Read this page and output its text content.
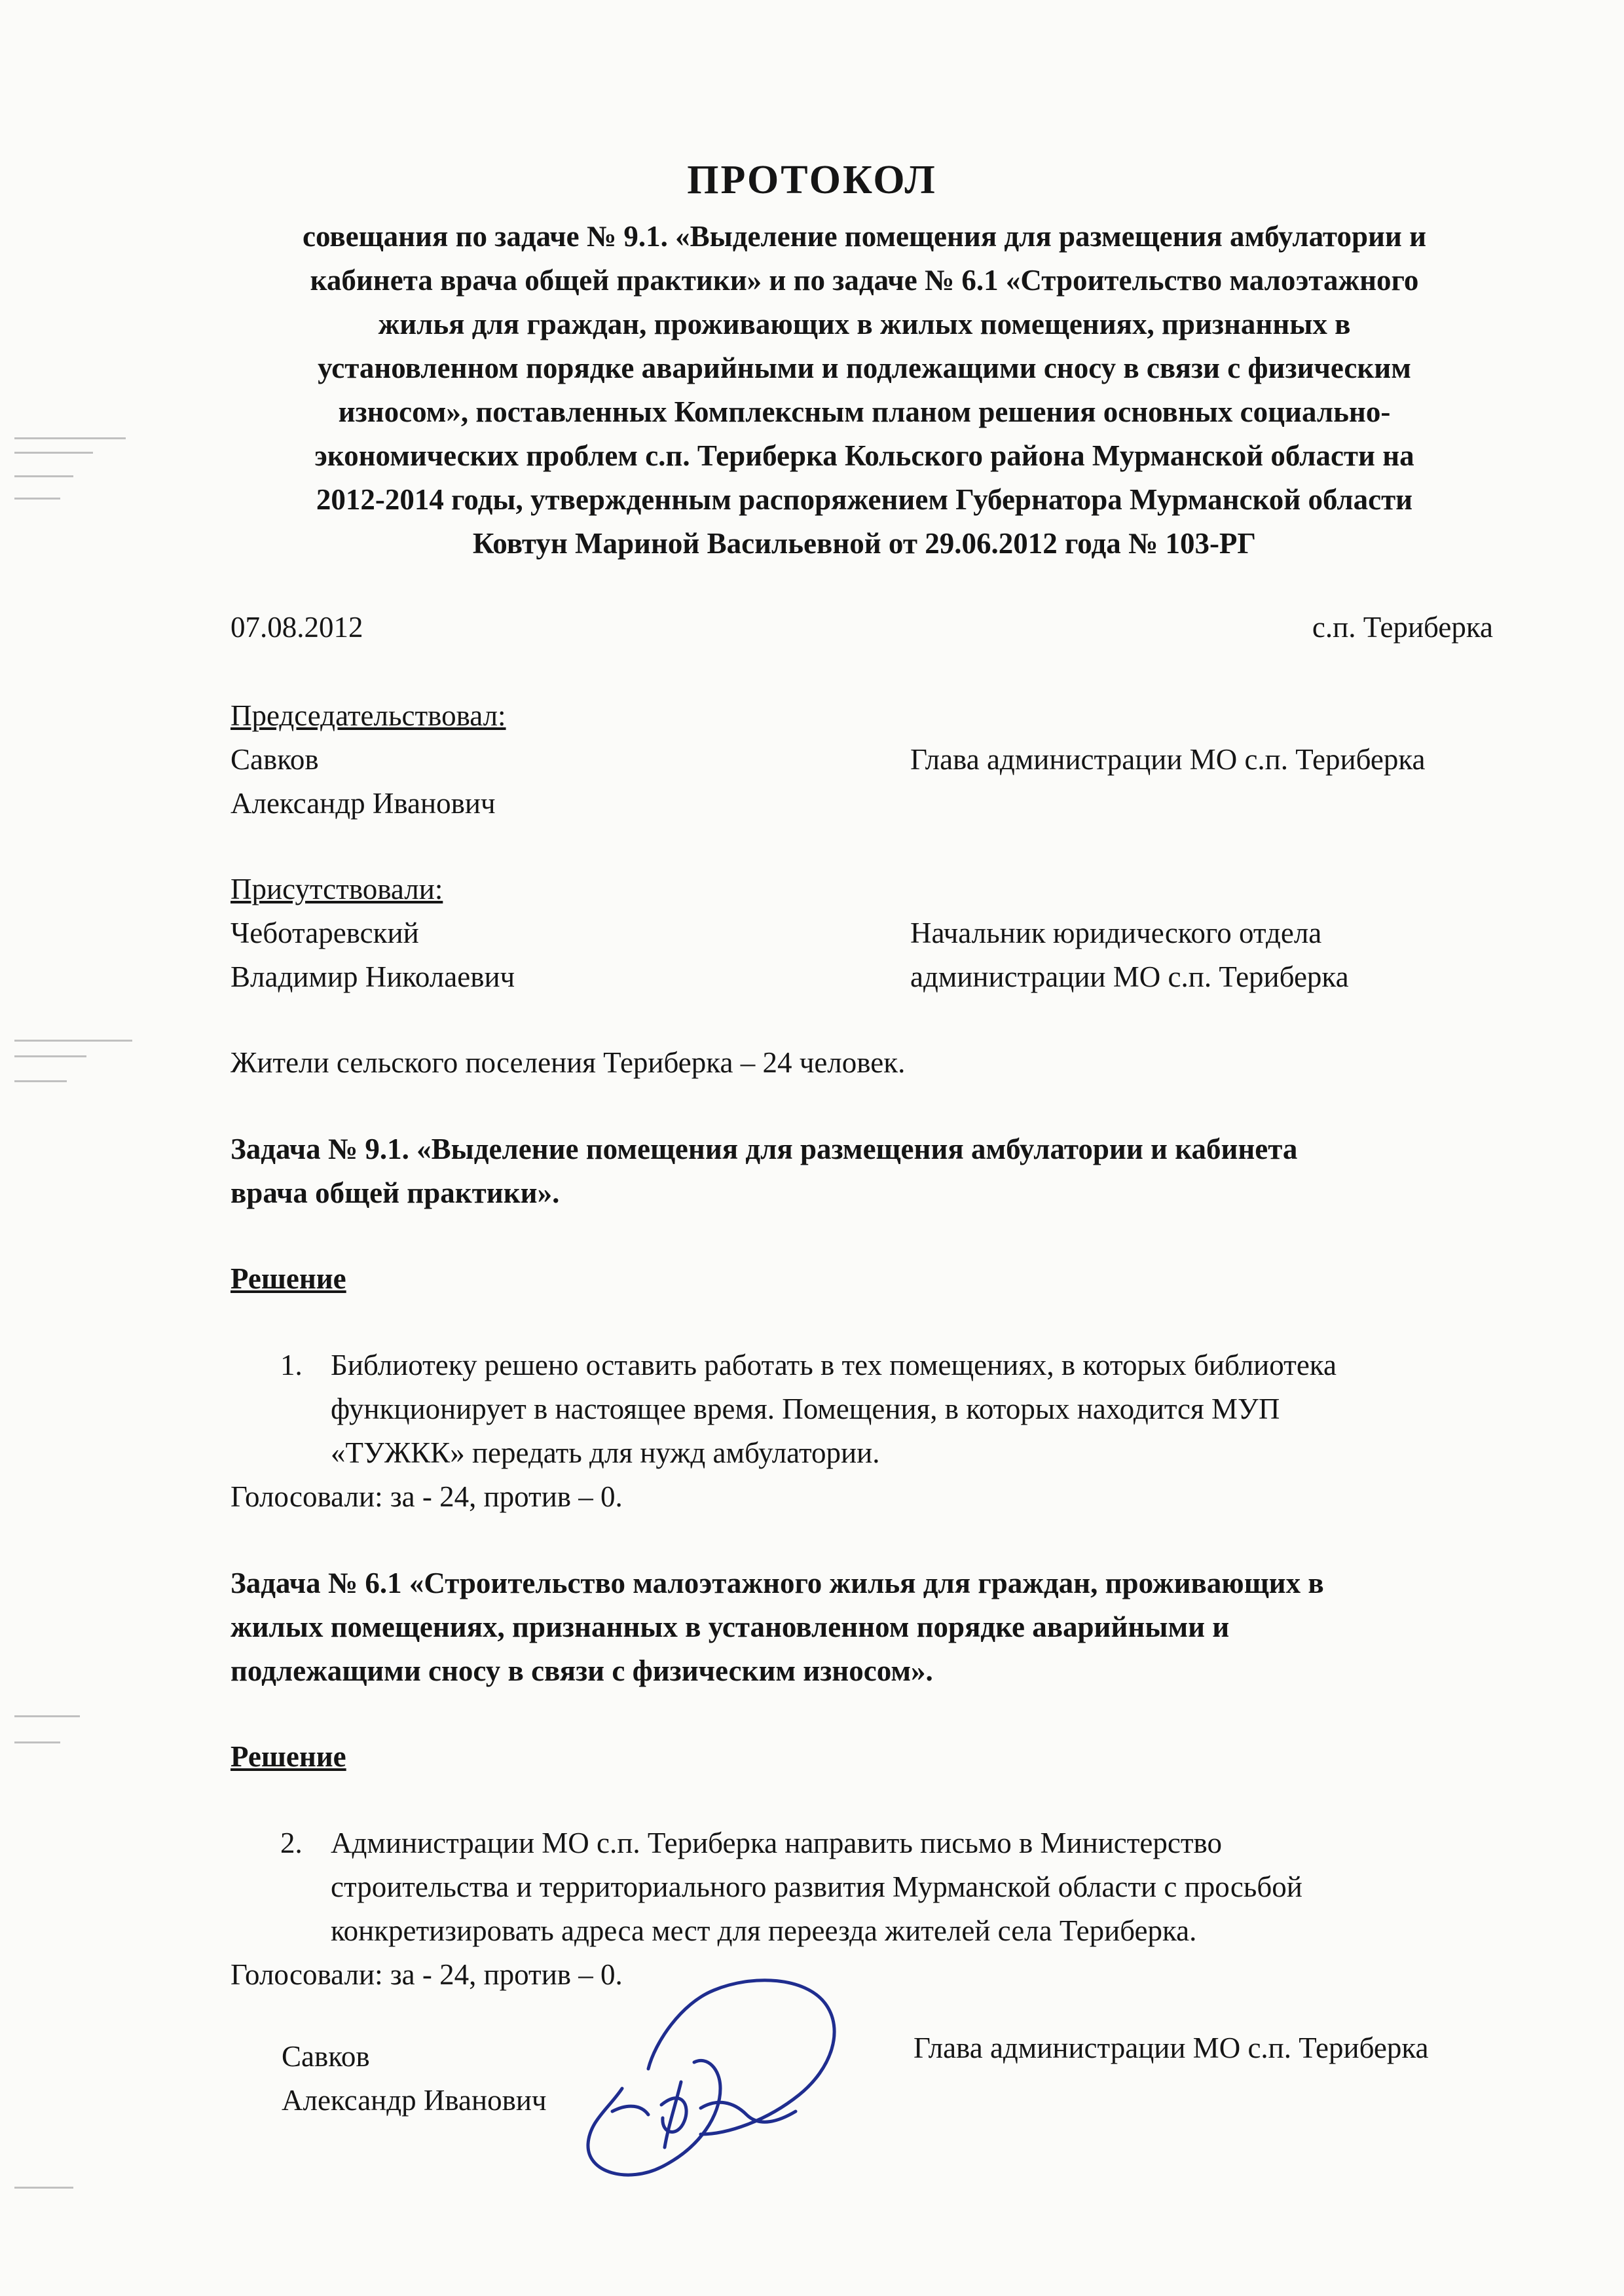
ПРОТОКОЛ
совещания по задаче № 9.1. «Выделение помещения для размещения амбулатории и
кабинета врача общей практики» и по задаче № 6.1 «Строительство малоэтажного
жилья для граждан, проживающих в жилых помещениях, признанных в
установленном порядке аварийными и подлежащими сносу в связи с физическим
износом», поставленных Комплексным планом решения основных социально-
экономических проблем с.п. Териберка Кольского района Мурманской области на
2012-2014 годы, утвержденным распоряжением Губернатора Мурманской области
Ковтун Мариной Васильевной от 29.06.2012 года № 103-РГ
07.08.2012	с.п. Териберка
Председательствовал:
Савков
Александр Иванович
Глава администрации МО с.п. Териберка
Присутствовали:
Чеботаревский
Владимир Николаевич
Начальник юридического отдела
администрации МО с.п. Териберка
Жители сельского поселения Териберка – 24 человек.
Задача № 9.1. «Выделение помещения для размещения амбулатории и кабинета
врача общей практики».
Решение
1. Библиотеку решено оставить работать в тех помещениях, в которых библиотека
функционирует в настоящее время. Помещения, в которых находится МУП
«ТУЖКК» передать для нужд амбулатории.
Голосовали: за - 24, против – 0.
Задача № 6.1 «Строительство малоэтажного жилья для граждан, проживающих в
жилых помещениях, признанных в установленном порядке аварийными и
подлежащими сносу в связи с физическим износом».
Решение
2. Администрации МО с.п. Териберка направить письмо в Министерство
строительства и территориального развития Мурманской области с просьбой
конкретизировать адреса мест для переезда жителей села Териберка.
Голосовали: за - 24, против – 0.
Савков
Александр Иванович
Глава администрации МО с.п. Териберка
